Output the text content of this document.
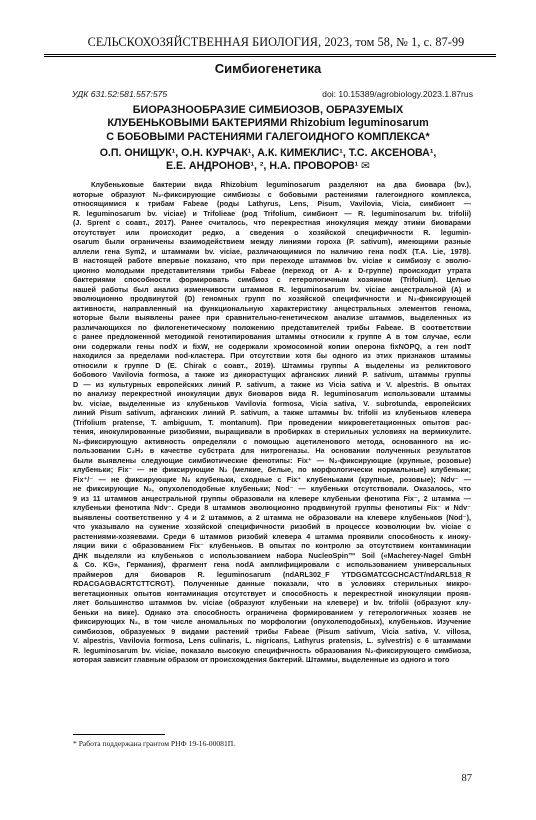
СЕЛЬСКОХОЗЯЙСТВЕННАЯ БИОЛОГИЯ, 2023, том 58, № 1, с. 87-99
Симбиогенетика
УДК 631.52:581.557:575	doi: 10.15389/agrobiology.2023.1.87rus
БИОРАЗНООБРАЗИЕ СИМБИОЗОВ, ОБРАЗУЕМЫХ
КЛУБЕНЬКОВЫМИ БАКТЕРИЯМИ Rhizobium leguminosarum
С БОБОВЫМИ РАСТЕНИЯМИ ГАЛЕГОИДНОГО КОМПЛЕКСА*
О.П. ОНИЩУК¹, О.Н. КУРЧАК¹, А.К. КИМЕКЛИС¹, Т.С. АКСЕНОВА¹,
Е.Е. АНДРОНОВ¹, ², Н.А. ПРОВОРОВ¹ ✉
Клубеньковые бактерии вида Rhizobium leguminosarum разделяют на два биовара (bv.),
которые образуют N₂-фиксирующие симбиозы с бобовыми растениями галегоидного комплекса,
относящимися к трибам Fabeae (роды Lathyrus, Lens, Pisum, Vavilovia, Vicia, симбионт —
R. leguminosarum bv. viciae) и Trifolieae (род Trifolium, симбионт — R. leguminosarum bv. trifolii)
(J. Sprent с соавт., 2017). Ранее считалось, что перекрестная инокуляция между этими биоварами
отсутствует или происходит редко, а сведения о хозяйской специфичности R. legumin-
osarum были ограничены взаимодействием между линиями гороха (P. sativum), имеющими разные
аллели гена Sym2, и штаммами bv. viciae, различающимися по наличию гена nodX (T.A. Lie, 1978).
В настоящей работе впервые показано, что при переходе штаммов bv. viciae к симбиозу с эволю-
ционно молодыми представителями трибы Fabeae (переход от A- к D-группе) происходит утрата
бактериями способности формировать симбиоз с гетерологичным хозяином (Trifolium). Целью
нашей работы был анализ изменчивости штаммов R. leguminosarum bv. viciae анцестральной (A) и
эволюционно продвинутой (D) геномных групп по хозяйской специфичности и N₂-фиксирующей
активности, направленный на функциональную характеристику анцестральных элементов генома,
которые были выявлены ранее при сравнительно-генетическом анализе штаммов, выделенных из
различающихся по филогенетическому положению представителей трибы Fabeae. В соответствии
с ранее предложенной методикой генотипирования штаммы относили к группе A в том случае, если
они содержали гены nodX и fixW, не содержали хромосомной копии оперона fixNOPQ, а ген nodT
находился за пределами nod-кластера. При отсутствии хотя бы одного из этих признаков штаммы
относили к группе D (E. Chirak с соавт., 2019). Штаммы группы A выделены из реликтового
бобового Vavilovia formosa, а также из дикорастущих афганских линий P. sativum, штаммы группы
D — из культурных европейских линий P. sativum, а также из Vicia sativa и V. alpestris. В опытах
по анализу перекрестной инокуляции двух биоваров вида R. leguminosarum использовали штаммы
bv. viciae, выделенные из клубеньков Vavilovia formosa, Vicia sativa, V. subrotunda, европейских
линий Pisum sativum, афганских линий P. sativum, а также штаммы bv. trifolii из клубеньков клевера
(Trifolium pratense, T. ambiguum, T. montanum). При проведении микровегетационных опытов рас-
тения, инокулированные ризобиями, выращивали в пробирках в стерильных условиях на вермикулите.
N₂-фиксирующую активность определяли с помощью ацетиленового метода, основанного на ис-
пользовании C₂H₂ в качестве субстрата для нитрогеназы. На основании полученных результатов
были выявлены следующие симбиотические фенотипы: Fix⁺ — N₂-фиксирующие (крупные, розовые)
клубеньки; Fix⁻ — не фиксирующие N₂ (мелкие, белые, по морфологически нормальные) клубеньки;
Fix⁺/⁻ — не фиксирующие N₂ клубеньки, сходные с Fix⁺ клубеньками (крупные, розовые); Ndv⁻ —
не фиксирующие N₂, опухолеподобные клубеньки; Nod⁻ — клубеньки отсутствовали. Оказалось, что
9 из 11 штаммов анцестральной группы образовали на клевере клубеньки фенотипа Fix⁻, 2 штамма —
клубеньки фенотипа Ndv⁻. Среди 8 штаммов эволюционно продвинутой группы фенотипы Fix⁻ и Ndv⁻
выявлены соответственно у 4 и 2 штаммов, а 2 штамма не образовали на клевере клубеньков (Nod⁻),
что указывало на сужение хозяйской специфичности ризобий в процессе коэволюции bv. viciae с
растениями-хозяевами. Среди 6 штаммов ризобий клевера 4 штамма проявили способность к иноку-
ляции вики с образованием Fix⁻ клубеньков. В опытах по контролю за отсутствием контаминации
ДНК выделяли из клубеньков с использованием набора NucleoSpin™ Soil («Macherey-Nagel GmbH
& Co. KG», Германия), фрагмент гена nodA амплифицировали с использованием универсальных
праймеров для биоваров R. leguminosarum (ndARL302_F YTDGGMATCGCHCACT/ndARL518_R
RDACGAGBACRTCTTCRGT). Полученные данные показали, что в условиях стерильных микро-
вегетационных опытов контаминация отсутствует и способность к перекрестной инокуляции прояв-
ляет большинство штаммов bv. viciae (образуют клубеньки на клевере) и bv. trifolii (образуют клу-
беньки на вике). Однако эта способность ограничена формированием у гетерологичных хозяев не
фиксирующих N₂, в том числе аномальных по морфологии (опухолеподобных), клубеньков. Изучение
симбиозов, образуемых 9 видами растений трибы Fabeae (Pisum sativum, Vicia sativa, V. villosa,
V. alpestris, Vavilovia formosa, Lens culinaris, L. nigricans, Lathyrus pratensis, L. sylvestris) с 6 штаммами
R. leguminosarum bv. viciae, показало высокую специфичность образования N₂-фиксирующего симбиоза,
которая зависит главным образом от происхождения бактерий. Штаммы, выделенные из одного и того
* Работа поддержана грантом РНФ 19-16-00081П.
87
